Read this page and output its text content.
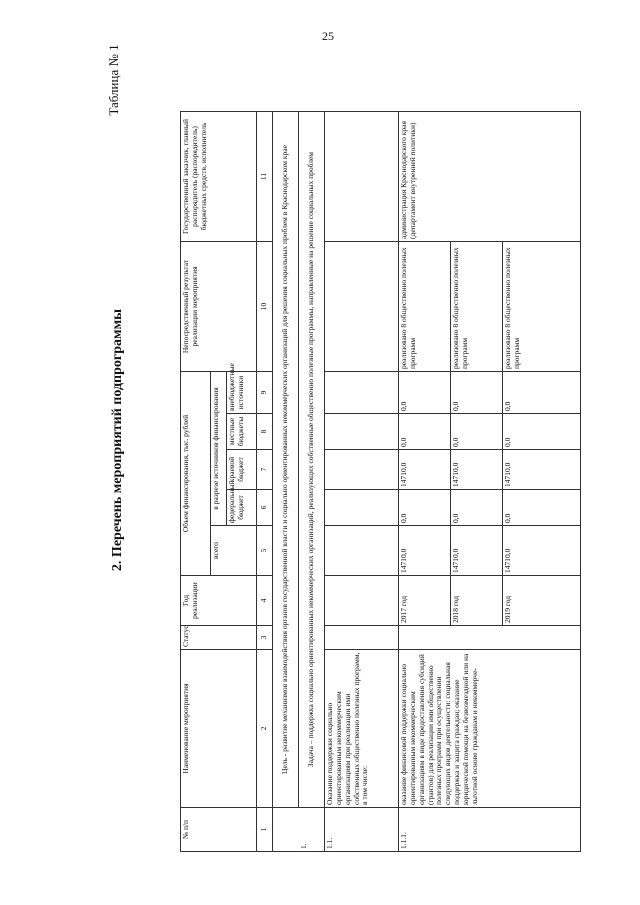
25
2. Перечень мероприятий подпрограммы
Таблица № 1
№ п/п	Наименование мероприятия	Статус	Год реализации	Объем финансирования, тыс. рублей					Непосредственный результат реализации мероприятия	Государственный заказчик, главный распорядитель (распорядитель) бюджетных средств, исполнитель
				всего	в разрезе источников финансирования					
					федеральный бюджет	краевой бюджет	местные бюджеты	внебюджетные источники		
1	2	3	4	5	6	7	8	9	10	11
	Цель - развитие механизмов взаимодействия органов государственной власти и социально ориентированных некоммерческих организаций для решения социальных проблем в Краснодарском крае									
1.	Задача – поддержка социально ориентированных некоммерческих организаций, реализующих собственные общественно полезные программы, направленные на решение социальных проблем									
1.1.	Оказание поддержки социально ориентированным некоммерческим организациям при реализации ими собственных общественно полезных программ, в том числе:									
1.1.1.	оказание финансовой поддержки социально ориентированным некоммерческим организациям в виде предоставления субсидий (грантов) для реализации ими общественно полезных программ при осуществлении следующих видов деятельности: социальная поддержка и защита граждан; оказание юридической помощи на безвозмездной или на льготной основе гражданам и некоммерче-		2017 год	14710,0	0,0	14710,0	0,0	0,0	реализовано 8 общественно полезных программ	администрация Краснодарского края (департамент внутренней политики)
			2018 год	14710,0	0,0	14710,0	0,0	0,0	реализовано 8 общественно полезных программ	
			2019 год	14710,0	0,0	14710,0	0,0	0,0	реализовано 8 общественно полезных программ	
